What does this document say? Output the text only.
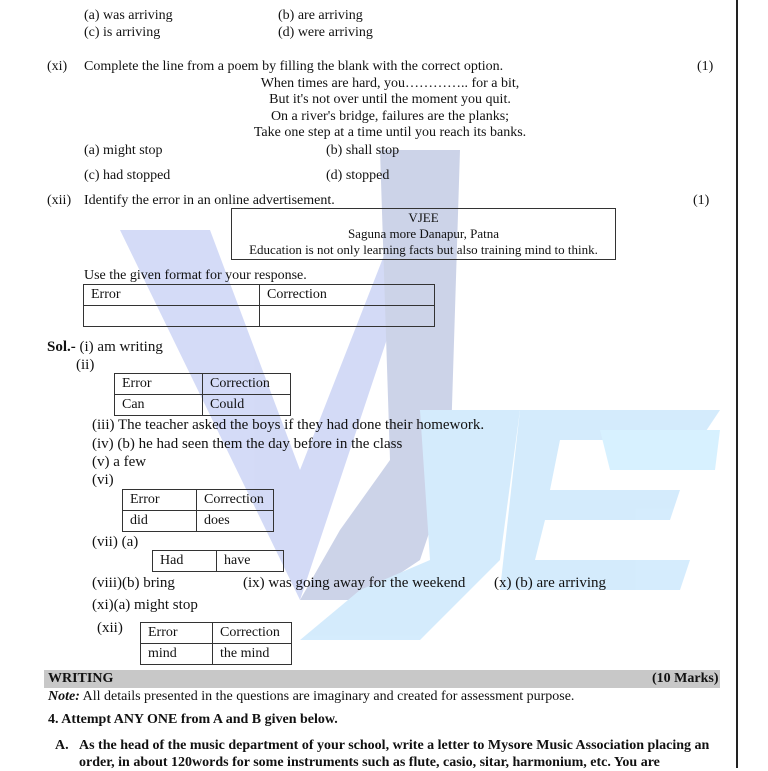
(a) was arriving	(b) are arriving
(c) is arriving	(d) were arriving
(xi) Complete the line from a poem by filling the blank with the correct option.	(1)
When times are hard, you………….. for a bit,
But it's not over until the moment you quit.
On a river's bridge, failures are the planks;
Take one step at a time until you reach its banks.
(a) might stop	(b) shall stop
(c) had stopped	(d) stopped
(xii) Identify the error in an online advertisement.	(1)
VJEE
Saguna more Danapur, Patna
Education is not only learning facts but also training mind to think.
Use the given format for your response.
Error	Correction

Sol.- (i) am writing
(ii)
Error	Correction
Can	Could
(iii) The teacher asked the boys if they had done their homework.
(iv) (b) he had seen them the day before in the class
(v) a few
(vi)
Error	Correction
did	does
(vii) (a)
Had	have
(viii)(b) bring	(ix) was going away for the weekend (x) (b) are arriving
(xi)(a) might stop
(xii) Error	Correction
mind	the mind
WRITING	(10 Marks)
Note: All details presented in the questions are imaginary and created for assessment purpose.
4. Attempt ANY ONE from A and B given below.
A. As the head of the music department of your school, write a letter to Mysore Music Association placing an
order, in about 120words for some instruments such as flute, casio, sitar, harmonium, etc. You are
